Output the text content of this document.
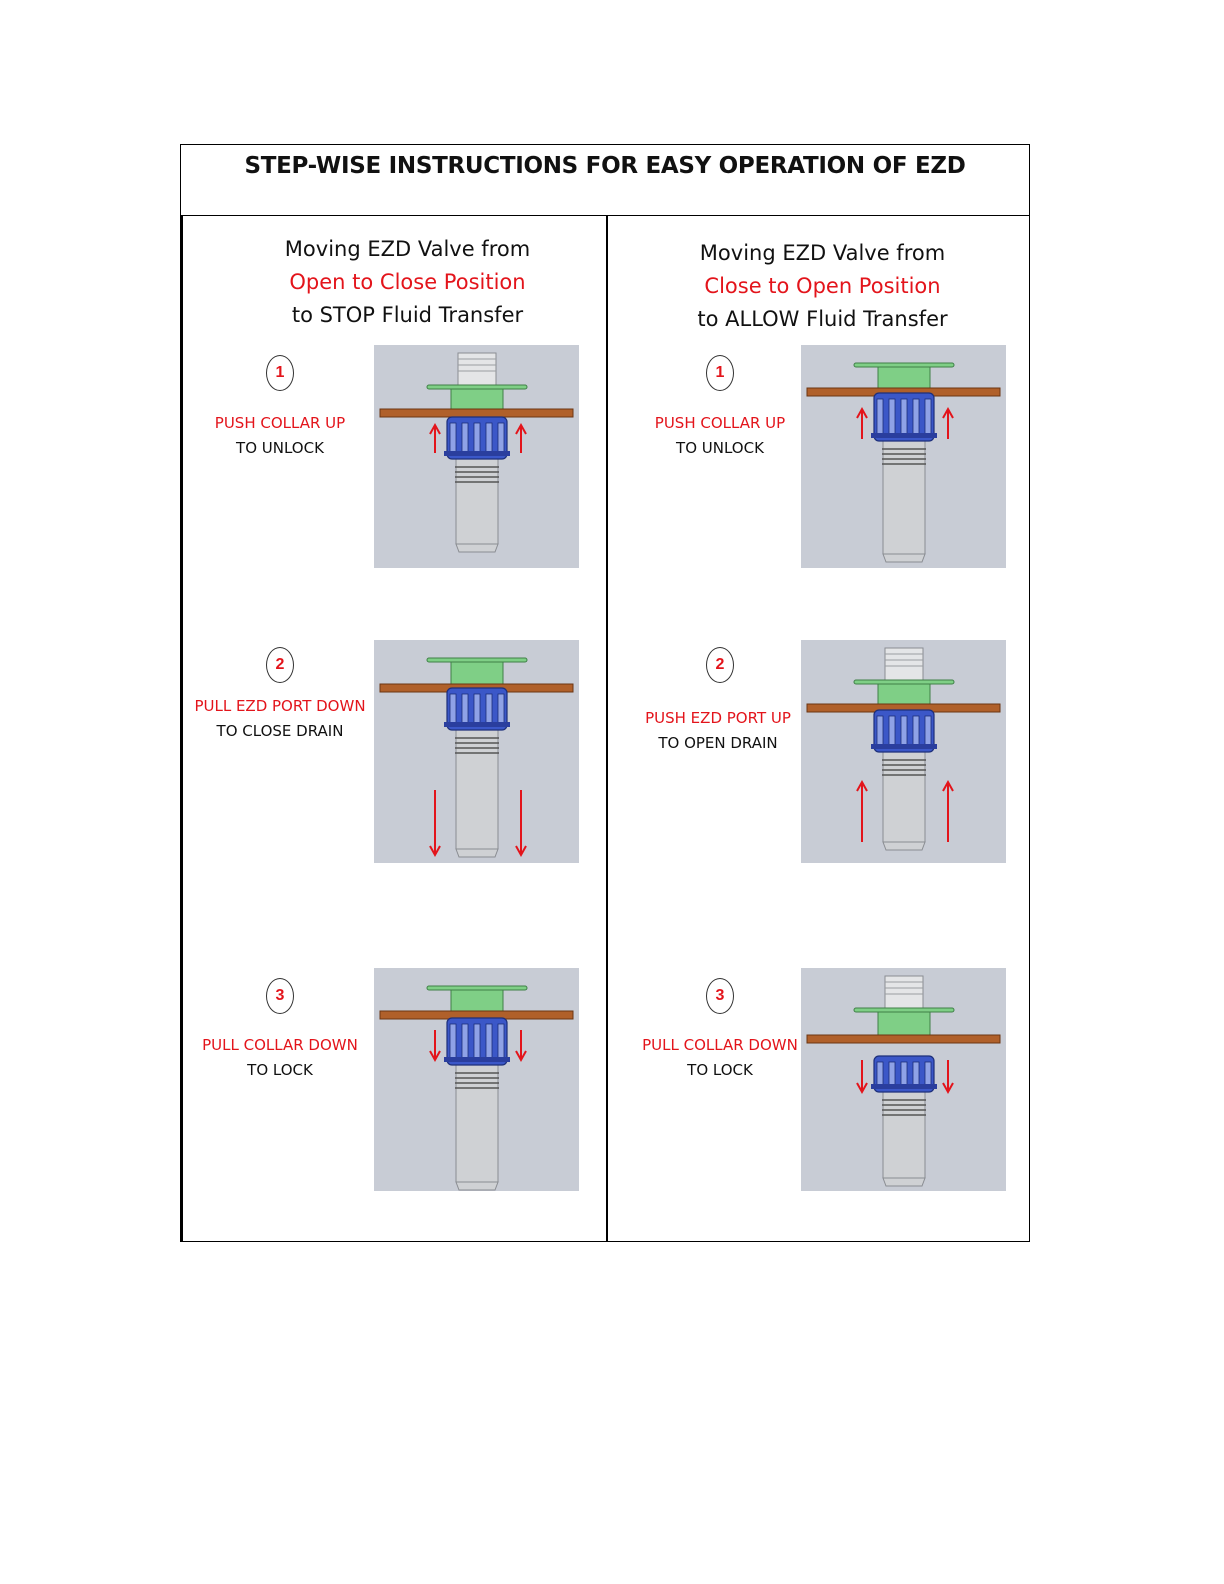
STEP-WISE INSTRUCTIONS FOR EASY OPERATION OF EZD
Moving EZD Valve from
Open to Close Position
to STOP Fluid Transfer
Moving EZD Valve from
Close to Open Position
to ALLOW Fluid Transfer
1
PUSH COLLAR UP
TO UNLOCK
2
PULL EZD PORT DOWN
TO CLOSE DRAIN
3
PULL COLLAR DOWN
TO LOCK
1
PUSH COLLAR UP
TO UNLOCK
2
PUSH EZD PORT UP
TO OPEN DRAIN
3
PULL COLLAR DOWN
TO LOCK
